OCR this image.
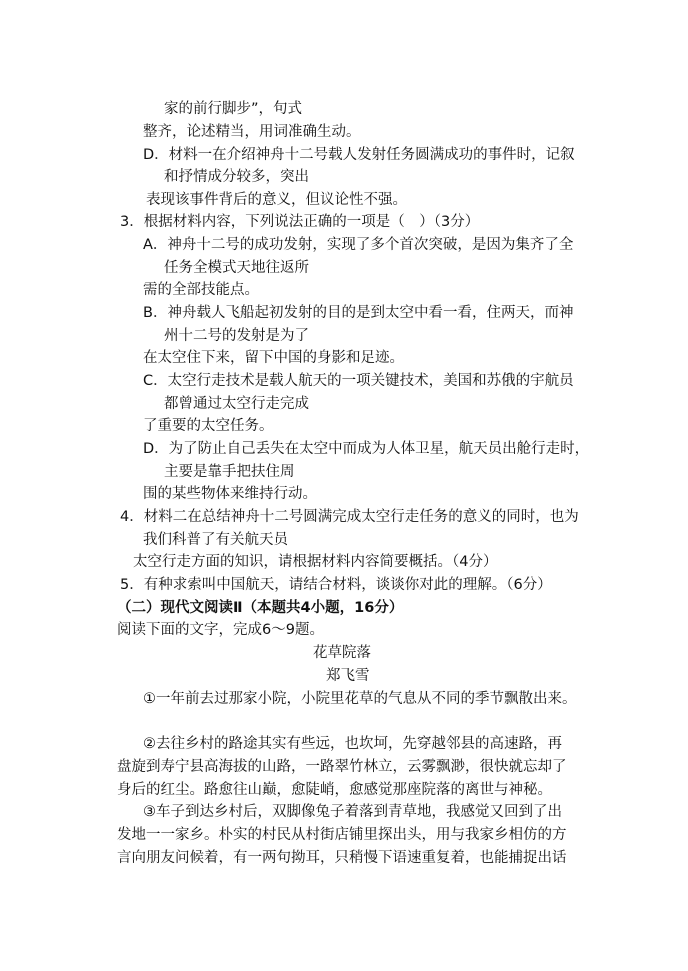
家的前行脚步”，句式
整齐，论述精当，用词准确生动。
D．材料一在介绍神舟十二号载人发射任务圆满成功的事件时，记叙
和抒情成分较多，突出
表现该事件背后的意义，但议论性不强。
3．根据材料内容，下列说法正确的一项是（　）（3分）
A．神舟十二号的成功发射，实现了多个首次突破，是因为集齐了全
任务全模式天地往返所
需的全部技能点。
B．神舟载人飞船起初发射的目的是到太空中看一看，住两天，而神
州十二号的发射是为了
在太空住下来，留下中国的身影和足迹。
C．太空行走技术是载人航天的一项关键技术，美国和苏俄的宇航员
都曾通过太空行走完成
了重要的太空任务。
D．为了防止自己丢失在太空中而成为人体卫星，航天员出舱行走时，
主要是靠手把扶住周
围的某些物体来维持行动。
4．材料二在总结神舟十二号圆满完成太空行走任务的意义的同时，也为
我们科普了有关航天员
太空行走方面的知识，请根据材料内容简要概括。（4分）
5．有种求索叫中国航天，请结合材料，谈谈你对此的理解。（6分）
（二）现代文阅读Ⅱ（本题共4小题，16分）
阅读下面的文字，完成6～9题。
花草院落
郑飞雪
①一年前去过那家小院，小院里花草的气息从不同的季节飘散出来。
②去往乡村的路途其实有些远，也坎坷，先穿越邻县的高速路，再
盘旋到寿宁县高海拔的山路，一路翠竹林立，云雾飘渺，很快就忘却了
身后的红尘。路愈往山巅，愈陡峭，愈感觉那座院落的离世与神秘。
③车子到达乡村后，双脚像兔子着落到青草地，我感觉又回到了出
发地一一家乡。朴实的村民从村街店铺里探出头，用与我家乡相仿的方
言向朋友问候着，有一两句拗耳，只稍慢下语速重复着，也能捕捉出话
